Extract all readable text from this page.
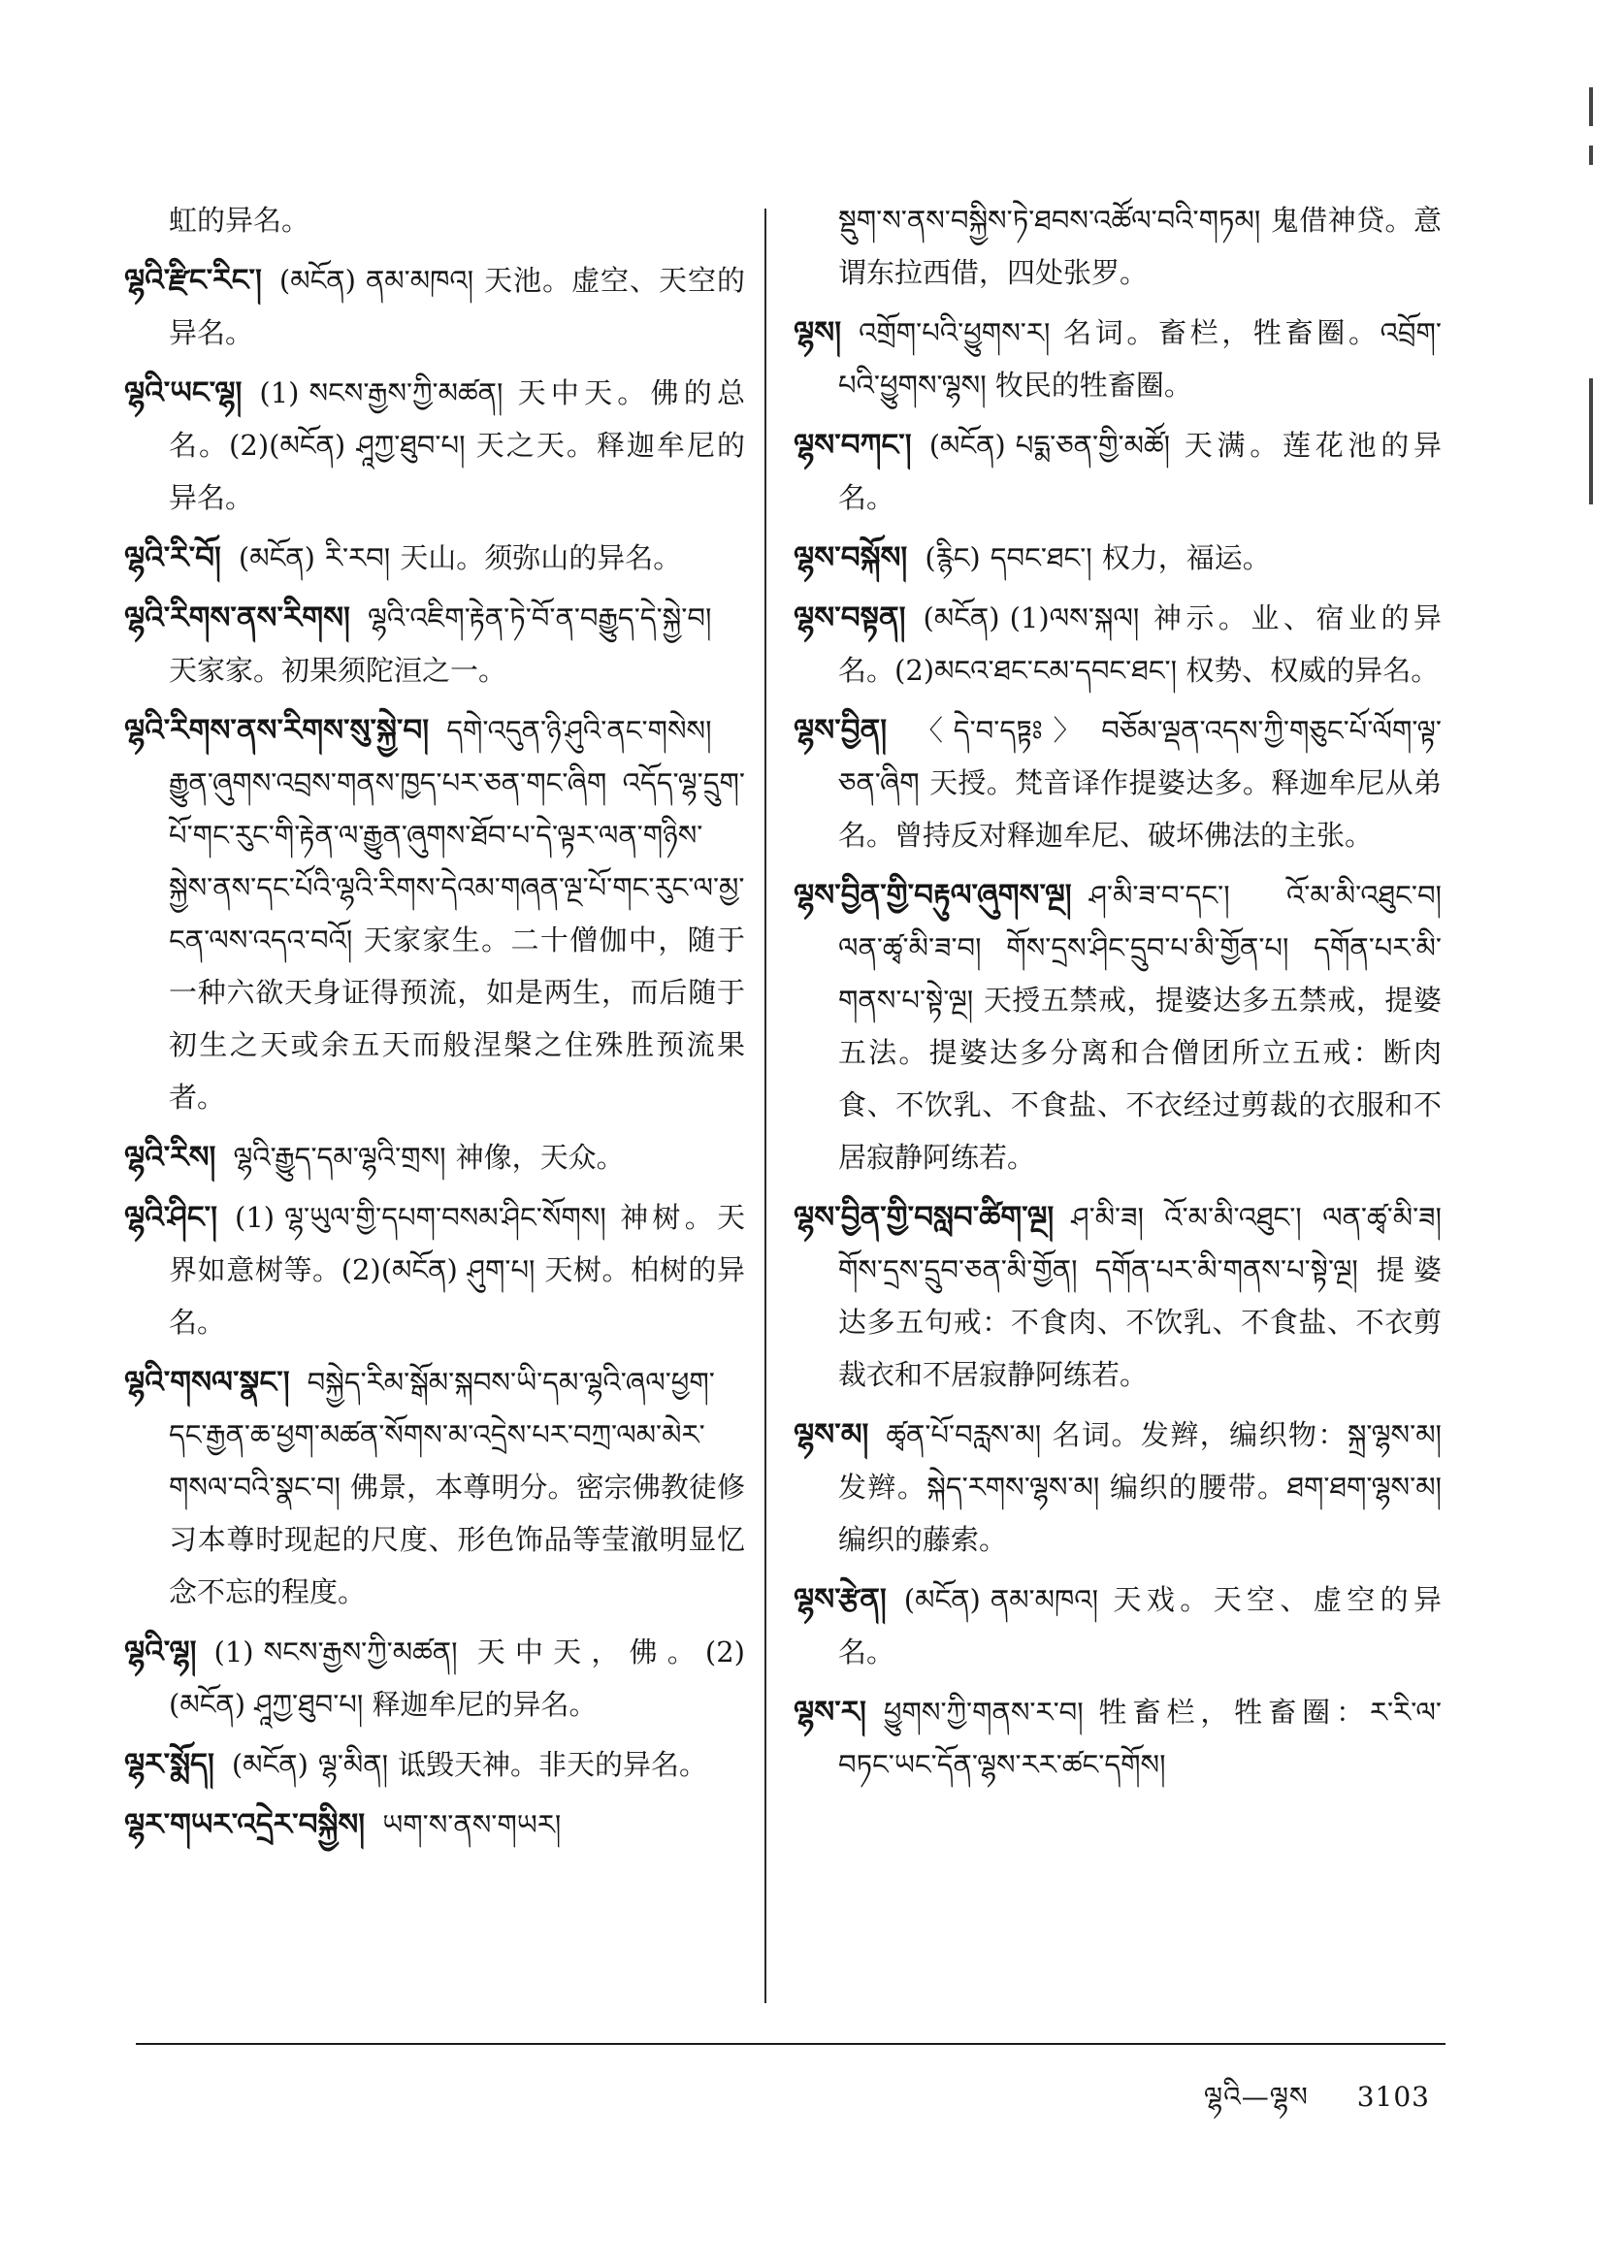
虹的异名。

ལྷའི་རྫིང་རིང་། (མངོན) ནམ་མཁའ། 天池。虚空、天空的异名。

ལྷའི་ཡང་ལྷ། (1) སངས་རྒྱས་ཀྱི་མཚན། 天中天。佛的总名。(2)(མངོན) ཤཱཀྱ་ཐུབ་པ། 天之天。释迦牟尼的异名。

ལྷའི་རི་བོ། (མངོན) རི་རབ། 天山。须弥山的异名。

ལྷའི་རིགས་ནས་རིགས། ལྷའི་འཇིག་རྟེན་ཏེ་བོ་ན་བརྒྱུད་དེ་སྐྱེ་བ།天家家。初果须陀洹之一。

ལྷའི་རིགས་ནས་རིགས་སུ་སྐྱེ་བ། དགེ་འདུན་ཉི་ཤུའི་ནང་གསེས། རྒྱུན་ཞུགས་འབྲས་གནས་ཁྱད་པར་ཅན་གང་ཞིག འདོད་ལྷ་དྲུག་པོ་གང་རུང་གི་རྟེན་ལ་རྒྱུན་ཞུགས་ཐོབ་པ་དེ་ལྟར་ལན་གཉིས་སྐྱེས་ནས་དང་པོའི་ལྷའི་རིགས་དེའམ་གཞན་ལྔ་པོ་གང་རུང་ལ་མྱ་ངན་ལས་འདའ་བའོ། 天家家生。二十僧伽中，随于一种六欲天身证得预流，如是两生，而后随于初生之天或余五天而般涅槃之住殊胜预流果者。

ལྷའི་རིས། ལྷའི་རྒྱུད་དམ་ལྷའི་གྲས། 神像，天众。

ལྷའི་ཤིང་། (1) ལྷ་ཡུལ་གྱི་དཔག་བསམ་ཤིང་སོགས། 神树。天界如意树等。(2)(མངོན) ཤུག་པ། 天树。柏树的异名。

ལྷའི་གསལ་སྣང་། བསྐྱེད་རིམ་སྒོམ་སྐབས་ཡི་དམ་ལྷའི་ཞལ་ཕྱག་དང་རྒྱན་ཆ་ཕྱག་མཚན་སོགས་མ་འདྲེས་པར་བཀྲ་ལམ་མེར་གསལ་བའི་སྣང་བ། 佛景，本尊明分。密宗佛教徒修习本尊时现起的尺度、形色饰品等莹澈明显忆念不忘的程度。

ལྷའི་ལྷ། (1) སངས་རྒྱས་ཀྱི་མཚན། 天中天，佛。(2)(མངོན) ཤཱཀྱ་ཐུབ་པ། 释迦牟尼的异名。

ལྷར་སྨོད། (མངོན) ལྷ་མིན། 诋毁天神。非天的异名。

ལྷར་གཡར་འདྲེར་བསྐྱིས། ཡག་ས་ནས་གཡར།

སྡུག་ས་ནས་བསྐྱིས་ཏེ་ཐབས་འཚོལ་བའི་གཏམ། 鬼借神贷。意谓东拉西借，四处张罗。

ལྷས། འགྲོག་པའི་ཕྱུགས་ར། 名词。畜栏，牲畜圈。འབྲོག་པའི་ཕྱུགས་ལྷས། 牧民的牲畜圈。

ལྷས་བཀང་། (མངོན) པདྨ་ཅན་གྱི་མཚོ། 天满。莲花池的异名。

ལྷས་བསྐོས། (རྙིང) དབང་ཐང་། 权力，福运。

ལྷས་བསྟན། (མངོན) (1)ལས་སྐལ། 神示。业、宿业的异名。(2)མངའ་ཐང་ངམ་དབང་ཐང་། 权势、权威的异名。

ལྷས་བྱིན། 〈དེ་བ་དཏྟཿ〉 བཅོམ་ལྡན་འདས་ཀྱི་གཅུང་པོ་ལོག་ལྟ་ཅན་ཞིག 天授。梵音译作提婆达多。释迦牟尼从弟名。曾持反对释迦牟尼、破坏佛法的主张。

ལྷས་བྱིན་གྱི་བརྟུལ་ཞུགས་ལྔ། ཤ་མི་ཟ་བ་དང་། འོ་མ་མི་འཐུང་བ། ལན་ཚྭ་མི་ཟ་བ། གོས་དྲས་ཤིང་དྲུབ་པ་མི་གྱོན་པ། དགོན་པར་མི་གནས་པ་སྟེ་ལྔ། 天授五禁戒，提婆达多五禁戒，提婆五法。提婆达多分离和合僧团所立五戒：断肉食、不饮乳、不食盐、不衣经过剪裁的衣服和不居寂静阿练若。

ལྷས་བྱིན་གྱི་བསླབ་ཚིག་ལྔ། ཤ་མི་ཟ། འོ་མ་མི་འཐུང་། ལན་ཚྭ་མི་ཟ། གོས་དྲས་དྲུབ་ཅན་མི་གྱོན། དགོན་པར་མི་གནས་པ་སྟེ་ལྔ། 提婆达多五句戒：不食肉、不饮乳、不食盐、不衣剪裁衣和不居寂静阿练若。

ལྷས་མ། ཚྭན་པོ་བརླས་མ། 名词。发辫，编织物：སྐྲ་ལྷས་མ། 发辫。སྐེད་རགས་ལྷས་མ། 编织的腰带。ཐག་ཐག་ལྷས་མ། 编织的藤索。

ལྷས་རྩེན། (མངོན) ནམ་མཁའ། 天戏。天空、虚空的异名。

ལྷས་ར། ཕྱུགས་ཀྱི་གནས་ར་བ། 牲畜栏，牲畜圈：ར་རི་ལ་བཏང་ཡང་དོན་ལྷས་རར་ཚང་དགོས།

ལྷའི—ལྷས 3103
